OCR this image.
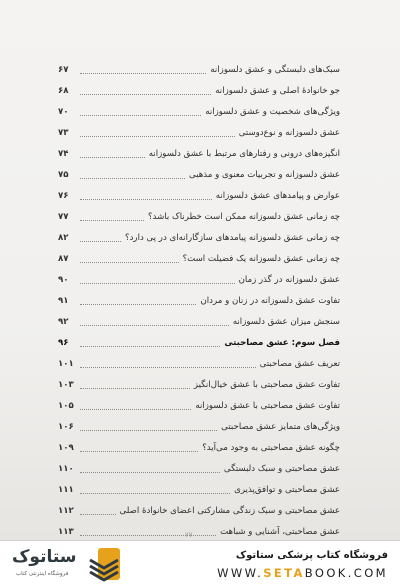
۶۷	سبک‌های دلبستگی و عشق دلسوزانه
۶۸	جو خانوادهٔ اصلی و عشق دلسوزانه
۷۰	ویژگی‌های شخصیت و عشق دلسوزانه
۷۳	عشق دلسوزانه و نوع‌دوستی
۷۴	انگیزه‌های درونی و رفتارهای مرتبط با عشق دلسوزانه
۷۵	عشق دلسوزانه و تجربیات معنوی و مذهبی
۷۶	عوارض و پیامدهای عشق دلسوزانه
۷۷	چه زمانی عشق دلسوزانه ممکن است خطرناک باشد؟
۸۲	چه زمانی عشق دلسوزانه پیامدهای سازگارانه‌ای در پی دارد؟
۸۷	چه زمانی عشق دلسوزانه یک فضیلت است؟
۹۰	عشق دلسوزانه در گذر زمان
۹۱	تفاوت عشق دلسوزانه در زنان و مردان
۹۲	سنجش میزان عشق دلسوزانه
۹۶	فصل سوم: عشق مصاحبتی
۱۰۱	تعریف عشق مصاحبتی
۱۰۳	تفاوت عشق مصاحبتی با عشق خیال‌انگیز
۱۰۵	تفاوت عشق مصاحبتی با عشق دلسوزانه
۱۰۶	ویژگی‌های متمایز عشق مصاحبتی
۱۰۹	چگونه عشق مصاحبتی به وجود می‌آید؟
۱۱۰	عشق مصاحبتی و سبک دلبستگی
۱۱۱	عشق مصاحبتی و توافق‌پذیری
۱۱۲	عشق مصاحبتی و سبک زندگی مشارکتی اعضای خانوادهٔ اصلی
۱۱۳	عشق مصاحبتی، آشنایی و شباهت
۷۷
ستاتوک
فروشگاه اینترنتی کتاب
فروشگاه کتاب پزشکی ستاتوک
WWW.SETABOOK.COM
